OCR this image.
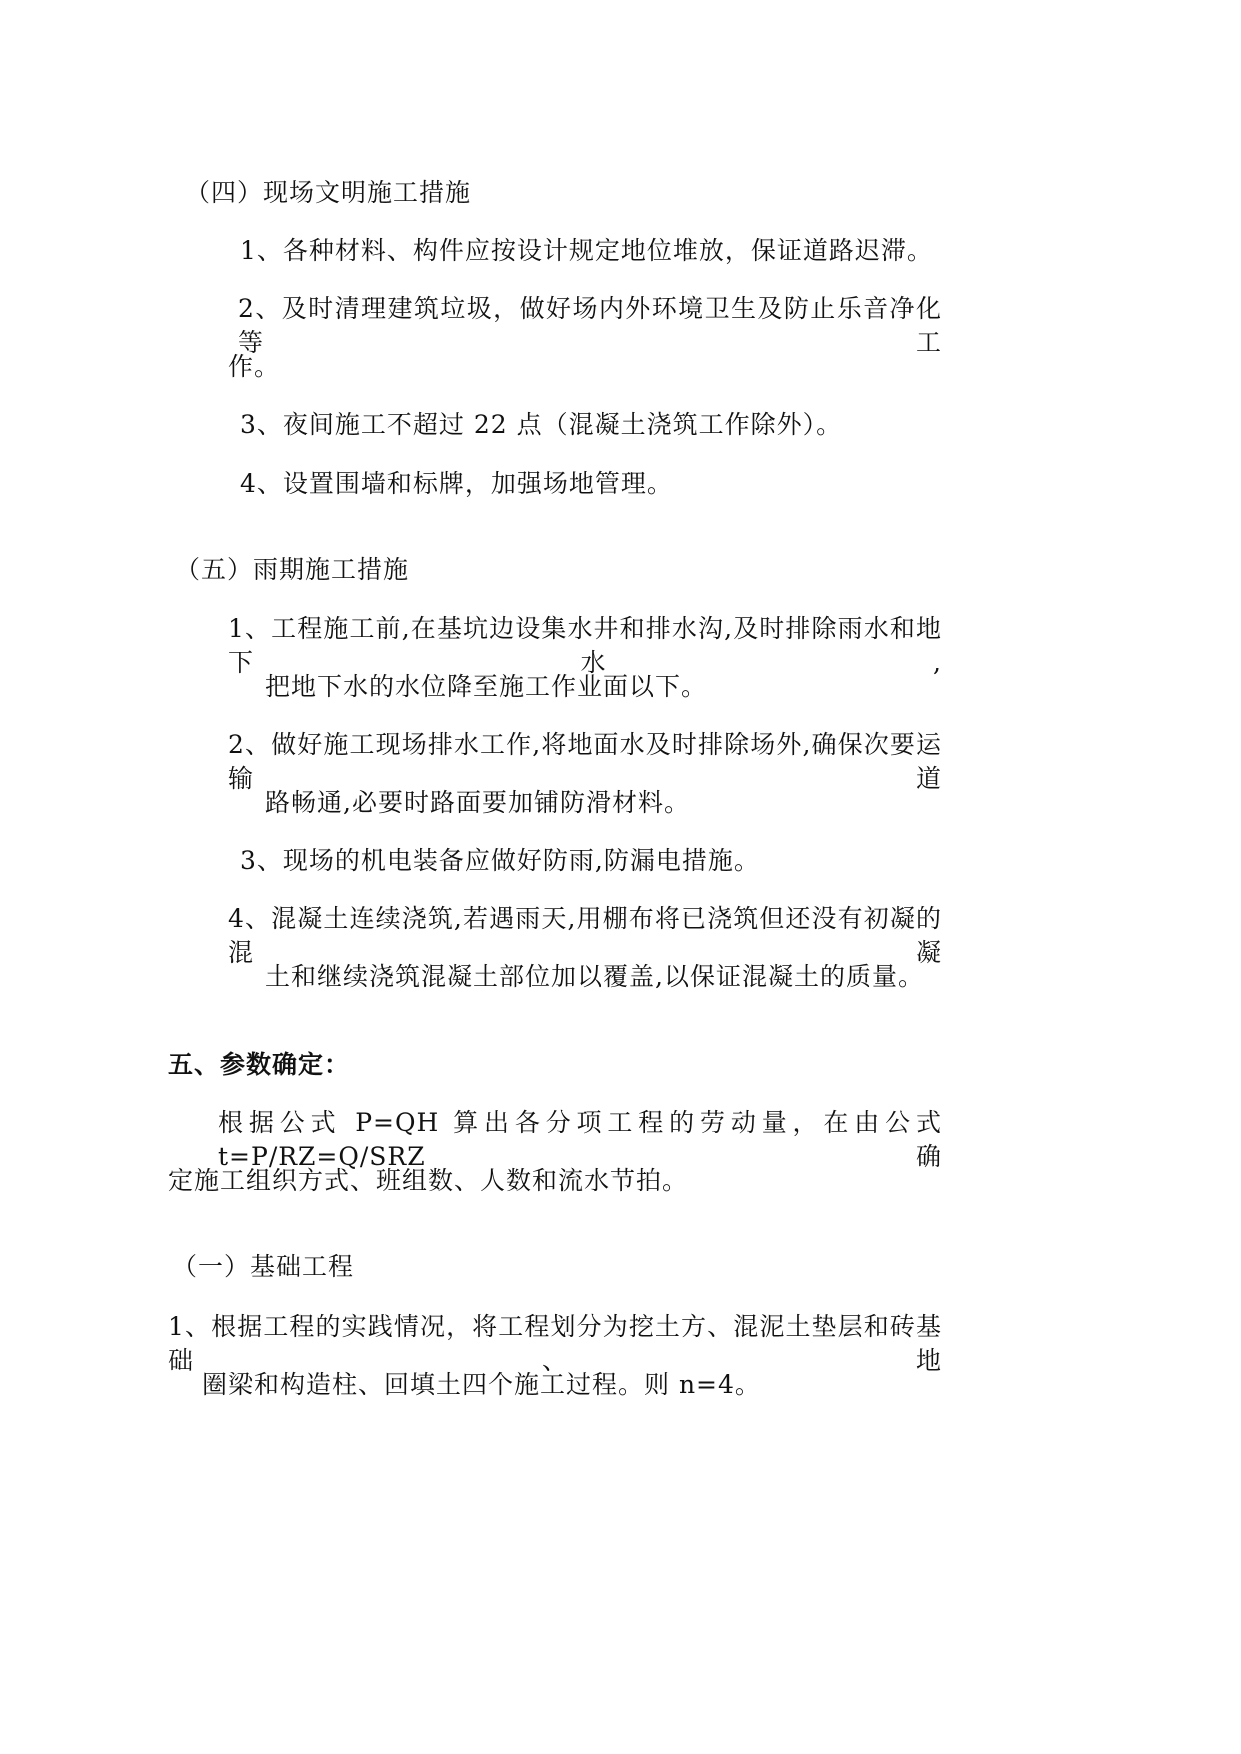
（四）现场文明施工措施
1、各种材料、构件应按设计规定地位堆放，保证道路迟滞。
2、及时清理建筑垃圾，做好场内外环境卫生及防止乐音净化等工
作。
3、夜间施工不超过 22 点（混凝土浇筑工作除外）。
4、设置围墙和标牌，加强场地管理。
（五）雨期施工措施
1、工程施工前,在基坑边设集水井和排水沟,及时排除雨水和地下水,
把地下水的水位降至施工作业面以下。
2、做好施工现场排水工作,将地面水及时排除场外,确保次要运输道
路畅通,必要时路面要加铺防滑材料。
3、现场的机电装备应做好防雨,防漏电措施。
4、混凝土连续浇筑,若遇雨天,用棚布将已浇筑但还没有初凝的混凝
土和继续浇筑混凝土部位加以覆盖,以保证混凝土的质量。
五、参数确定：
根据公式 P=QH 算出各分项工程的劳动量，在由公式 t=P/RZ=Q/SRZ 确
定施工组织方式、班组数、人数和流水节拍。
（一）基础工程
1、根据工程的实践情况，将工程划分为挖土方、混泥土垫层和砖基础、地
圈梁和构造柱、回填土四个施工过程。则 n=4。
